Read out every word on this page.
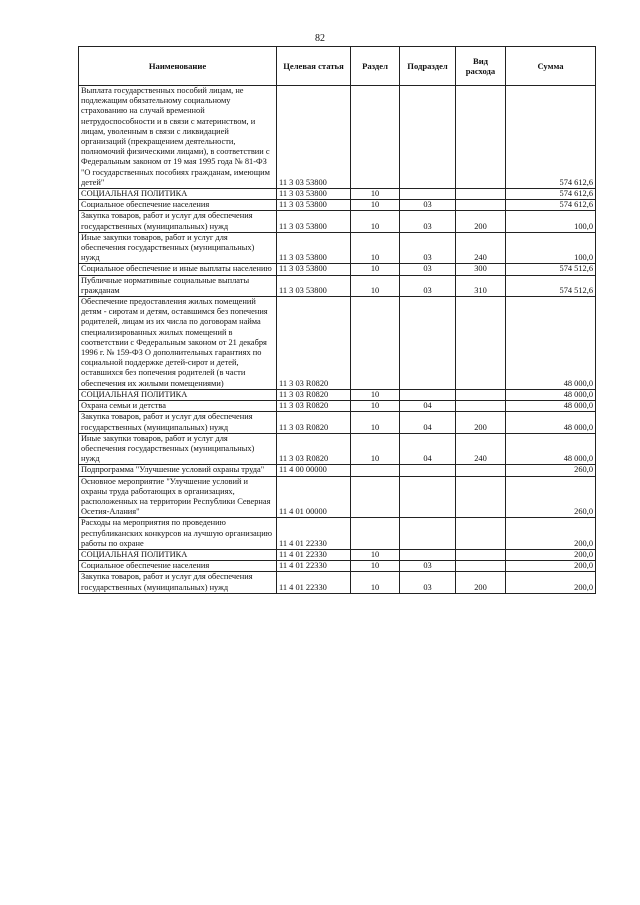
82
Наименование	Целевая статья	Раздел	Подраздел	Вид расхода	Сумма
Выплата государственных пособий лицам, не подлежащим обязательному социальному страхованию на случай временной нетрудоспособности и в связи с материнством, и лицам, уволенным в связи с ликвидацией организаций (прекращением деятельности, полномочий физическими лицами), в соответствии с Федеральным законом от 19 мая 1995 года № 81-ФЗ "О государственных пособиях гражданам, имеющим детей"	11 3 03 53800				574 612,6
СОЦИАЛЬНАЯ ПОЛИТИКА	11 3 03 53800	10			574 612,6
Социальное обеспечение населения	11 3 03 53800	10	03		574 612,6
Закупка товаров, работ и услуг для обеспечения государственных (муниципальных) нужд	11 3 03 53800	10	03	200	100,0
Иные закупки товаров, работ и услуг для обеспечения государственных (муниципальных) нужд	11 3 03 53800	10	03	240	100,0
Социальное обеспечение и иные выплаты населению	11 3 03 53800	10	03	300	574 512,6
Публичные нормативные социальные выплаты гражданам	11 3 03 53800	10	03	310	574 512,6
Обеспечение предоставления жилых помещений детям - сиротам и детям, оставшимся без попечения родителей, лицам из их числа по договорам найма специализированных жилых помещений в соответствии с Федеральным законом от 21 декабря 1996 г. № 159-ФЗ О дополнительных гарантиях по социальной поддержке детей-сирот и детей, оставшихся без попечения родителей (в части обеспечения их жилыми помещениями)	11 3 03 R0820				48 000,0
СОЦИАЛЬНАЯ ПОЛИТИКА	11 3 03 R0820	10			48 000,0
Охрана семьи и детства	11 3 03 R0820	10	04		48 000,0
Закупка товаров, работ и услуг для обеспечения государственных (муниципальных) нужд	11 3 03 R0820	10	04	200	48 000,0
Иные закупки товаров, работ и услуг для обеспечения государственных (муниципальных) нужд	11 3 03 R0820	10	04	240	48 000,0
Подпрограмма "Улучшение условий охраны труда"	11 4 00 00000				260,0
Основное мероприятие "Улучшение условий и охраны труда работающих в организациях, расположенных на территории Республики Северная Осетия-Алания"	11 4 01 00000				260,0
Расходы на мероприятия по проведению республиканских конкурсов на лучшую организацию работы по охране	11 4 01 22330				200,0
СОЦИАЛЬНАЯ ПОЛИТИКА	11 4 01 22330	10			200,0
Социальное обеспечение населения	11 4 01 22330	10	03		200,0
Закупка товаров, работ и услуг для обеспечения государственных (муниципальных) нужд	11 4 01 22330	10	03	200	200,0
